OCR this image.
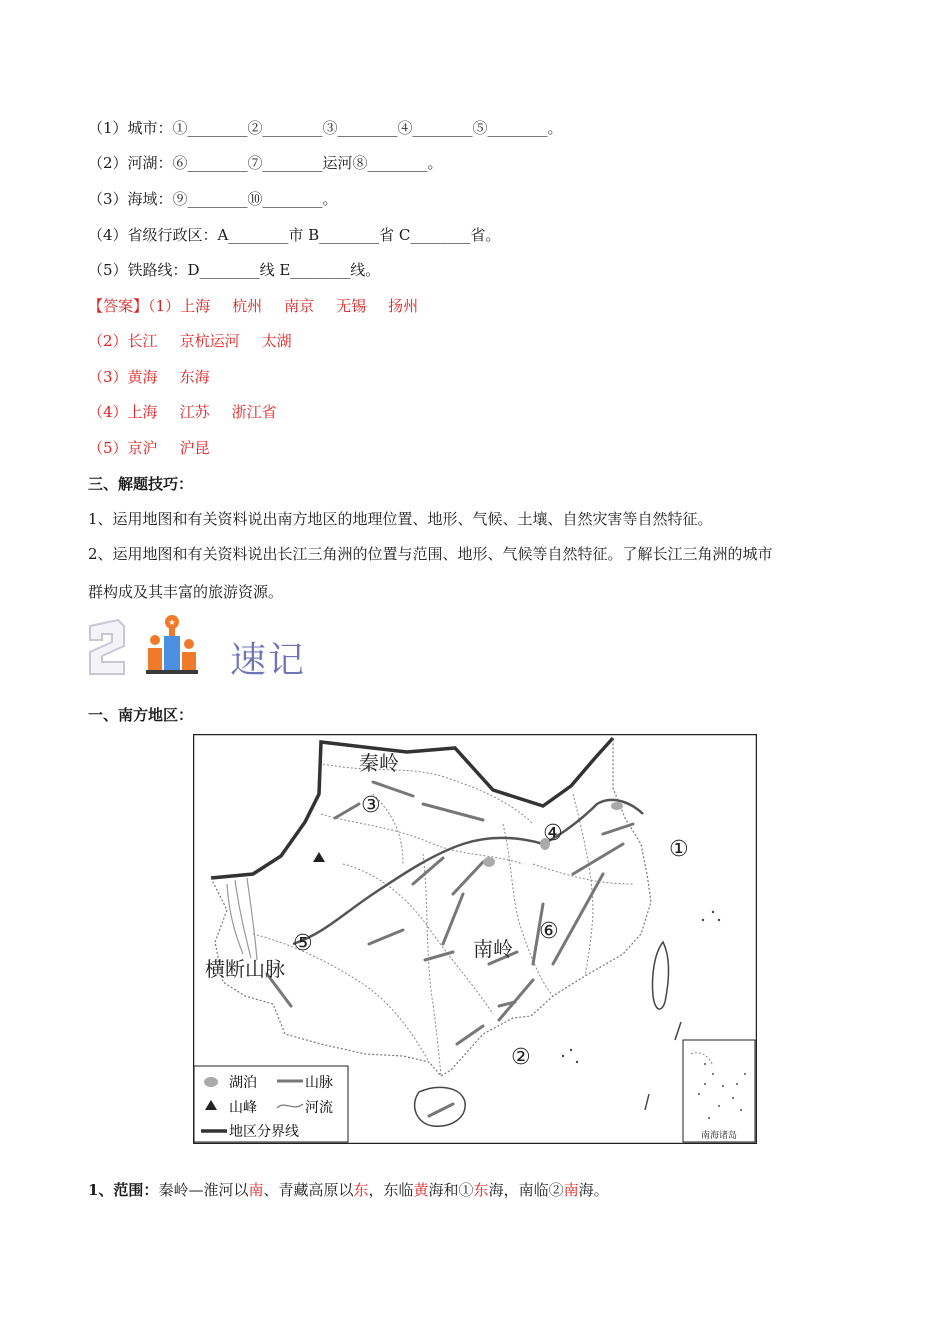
（1）城市：①________②________③________④________⑤________。
（2）河湖：⑥________⑦________运河⑧________。
（3）海域：⑨________⑩________。
（4）省级行政区：A________市 B________省 C________省。
（5）铁路线：D________线 E________线。
【答案】（1）上海 杭州 南京 无锡 扬州
（2）长江 京杭运河 太湖
（3）黄海 东海
（4）上海 江苏 浙江省
（5）京沪 沪昆
三、解题技巧：
1、运用地图和有关资料说出南方地区的地理位置、地形、气候、土壤、自然灾害等自然特征。
2、运用地图和有关资料说出长江三角洲的位置与范围、地形、气候等自然特征。了解长江三角洲的城市
群构成及其丰富的旅游资源。
★
速记
一、南方地区：
南海诸岛
秦岭
南岭
横断山脉
③
④
①
⑤	⑥
②
湖泊	山脉
山峰	河流
地区分界线
1、范围：秦岭—淮河以南、青藏高原以东，东临黄海和①东海，南临②南海。
